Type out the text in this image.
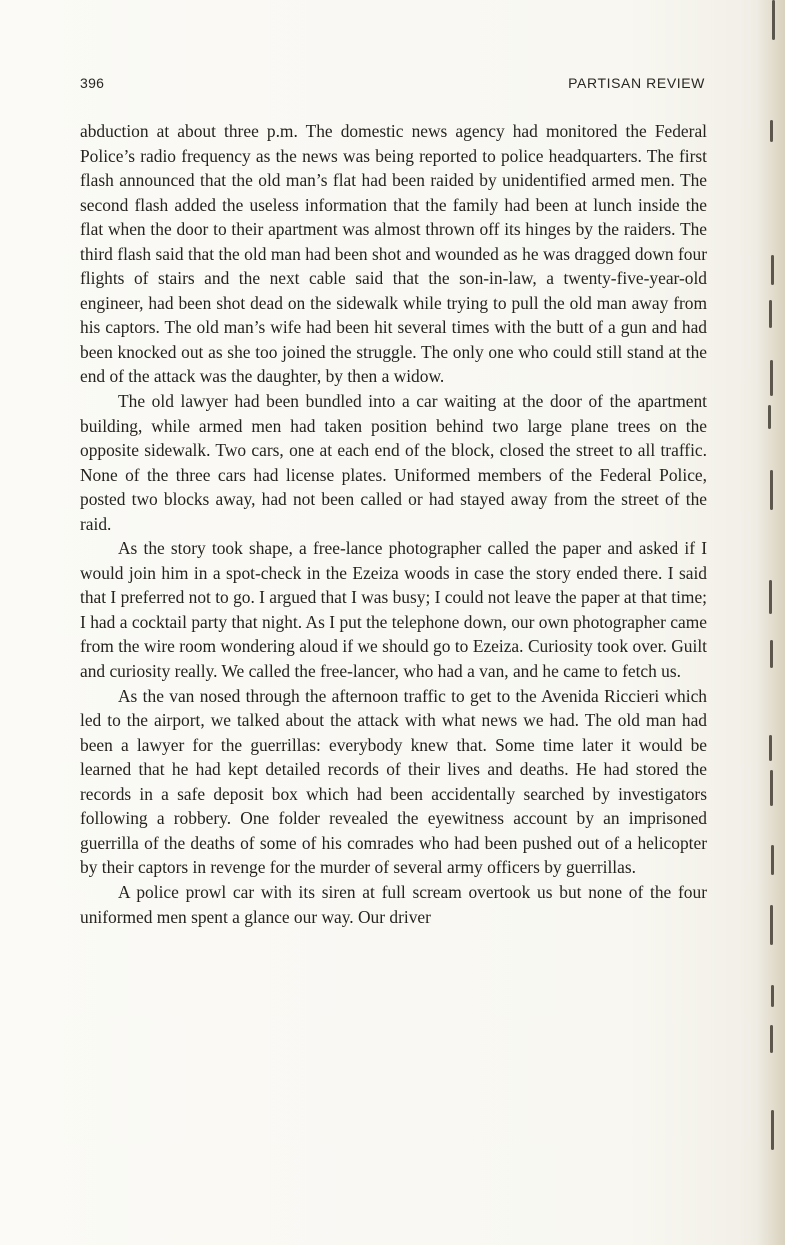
396	PARTISAN REVIEW

abduction at about three p.m. The domestic news agency had monitored the Federal Police’s radio frequency as the news was being reported to police headquarters. The first flash announced that the old man’s flat had been raided by unidentified armed men. The second flash added the useless information that the family had been at lunch inside the flat when the door to their apartment was almost thrown off its hinges by the raiders. The third flash said that the old man had been shot and wounded as he was dragged down four flights of stairs and the next cable said that the son-in-law, a twenty-five-year-old engineer, had been shot dead on the sidewalk while trying to pull the old man away from his captors. The old man’s wife had been hit several times with the butt of a gun and had been knocked out as she too joined the struggle. The only one who could still stand at the end of the attack was the daughter, by then a widow.

The old lawyer had been bundled into a car waiting at the door of the apartment building, while armed men had taken position behind two large plane trees on the opposite sidewalk. Two cars, one at each end of the block, closed the street to all traffic. None of the three cars had license plates. Uniformed members of the Federal Police, posted two blocks away, had not been called or had stayed away from the street of the raid.

As the story took shape, a free-lance photographer called the paper and asked if I would join him in a spot-check in the Ezeiza woods in case the story ended there. I said that I preferred not to go. I argued that I was busy; I could not leave the paper at that time; I had a cocktail party that night. As I put the telephone down, our own photographer came from the wire room wondering aloud if we should go to Ezeiza. Curiosity took over. Guilt and curiosity really. We called the free-lancer, who had a van, and he came to fetch us.

As the van nosed through the afternoon traffic to get to the Avenida Riccieri which led to the airport, we talked about the attack with what news we had. The old man had been a lawyer for the guerrillas: everybody knew that. Some time later it would be learned that he had kept detailed records of their lives and deaths. He had stored the records in a safe deposit box which had been accidentally searched by investigators following a robbery. One folder revealed the eyewitness account by an imprisoned guerrilla of the deaths of some of his comrades who had been pushed out of a helicopter by their captors in revenge for the murder of several army officers by guerrillas.

A police prowl car with its siren at full scream overtook us but none of the four uniformed men spent a glance our way. Our driver
